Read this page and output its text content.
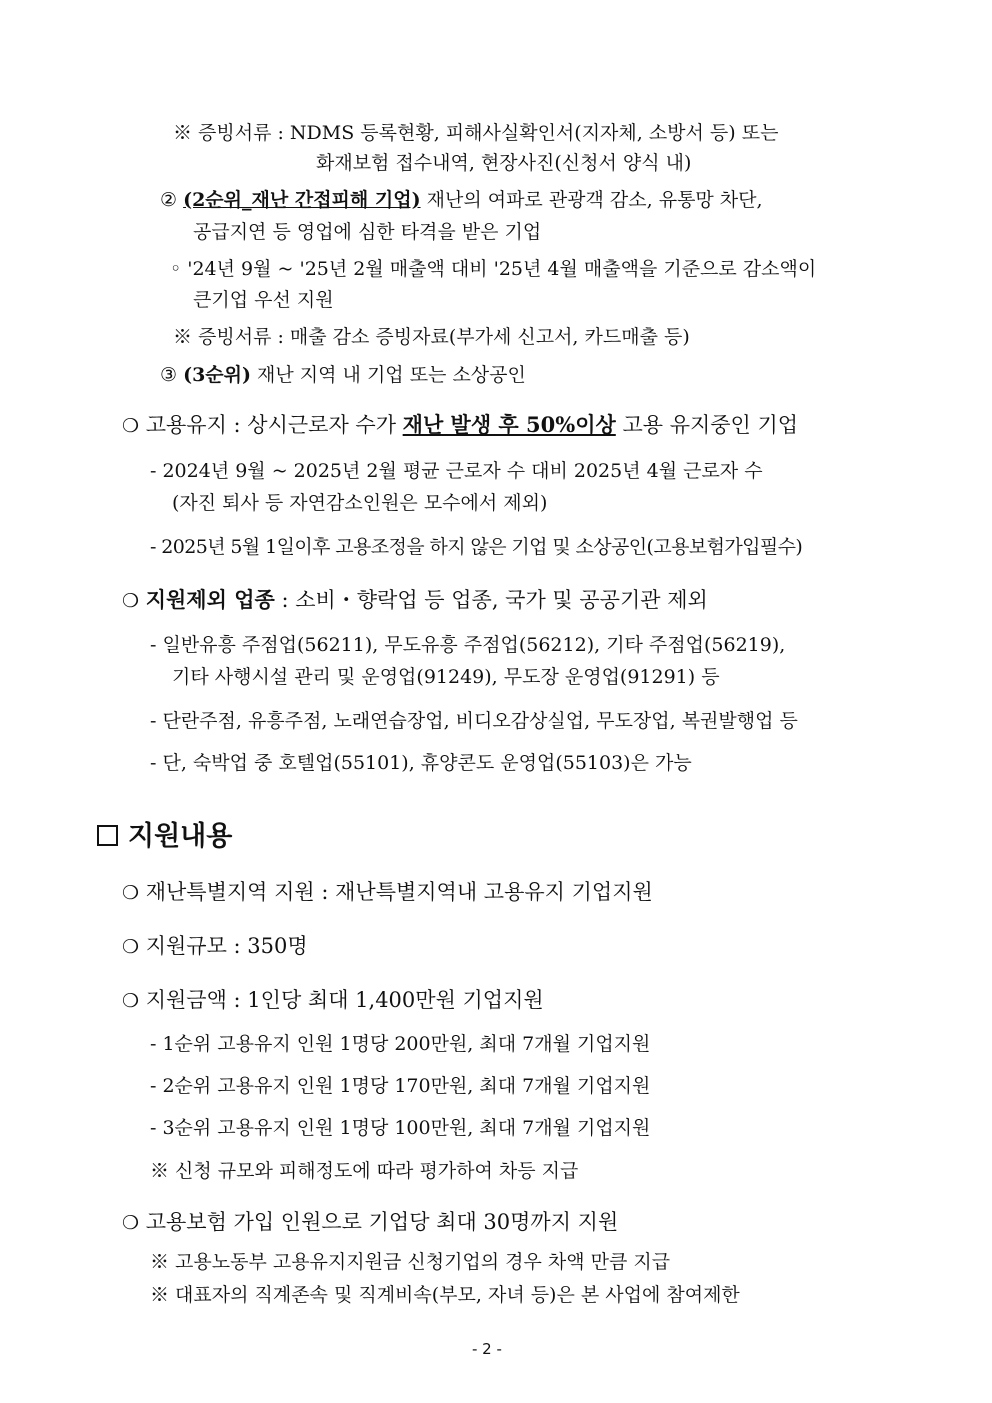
※ 증빙서류 : NDMS 등록현황, 피해사실확인서(지자체, 소방서 등) 또는
화재보험 접수내역, 현장사진(신청서 양식 내)
② (2순위_재난 간접피해 기업) 재난의 여파로 관광객 감소, 유통망 차단,
공급지연 등 영업에 심한 타격을 받은 기업
◦ '24년 9월 ~ '25년 2월 매출액 대비 '25년 4월 매출액을 기준으로 감소액이
큰기업 우선 지원
※ 증빙서류 : 매출 감소 증빙자료(부가세 신고서, 카드매출 등)
③ (3순위) 재난 지역 내 기업 또는 소상공인
❍ 고용유지 : 상시근로자 수가 재난 발생 후 50%이상 고용 유지중인 기업
- 2024년 9월 ~ 2025년 2월 평균 근로자 수 대비 2025년 4월 근로자 수
(자진 퇴사 등 자연감소인원은 모수에서 제외)
- 2025년 5월 1일이후 고용조정을 하지 않은 기업 및 소상공인(고용보험가입필수)
❍ 지원제외 업종 : 소비・향락업 등 업종, 국가 및 공공기관 제외
- 일반유흥 주점업(56211), 무도유흥 주점업(56212), 기타 주점업(56219),
기타 사행시설 관리 및 운영업(91249), 무도장 운영업(91291) 등
- 단란주점, 유흥주점, 노래연습장업, 비디오감상실업, 무도장업, 복권발행업 등
- 단, 숙박업 중 호텔업(55101), 휴양콘도 운영업(55103)은 가능
지원내용
❍ 재난특별지역 지원 : 재난특별지역내 고용유지 기업지원
❍ 지원규모 : 350명
❍ 지원금액 : 1인당 최대 1,400만원 기업지원
- 1순위 고용유지 인원 1명당 200만원, 최대 7개월 기업지원
- 2순위 고용유지 인원 1명당 170만원, 최대 7개월 기업지원
- 3순위 고용유지 인원 1명당 100만원, 최대 7개월 기업지원
※ 신청 규모와 피해정도에 따라 평가하여 차등 지급
❍ 고용보험 가입 인원으로 기업당 최대 30명까지 지원
※ 고용노동부 고용유지지원금 신청기업의 경우 차액 만큼 지급
※ 대표자의 직계존속 및 직계비속(부모, 자녀 등)은 본 사업에 참여제한
- 2 -
